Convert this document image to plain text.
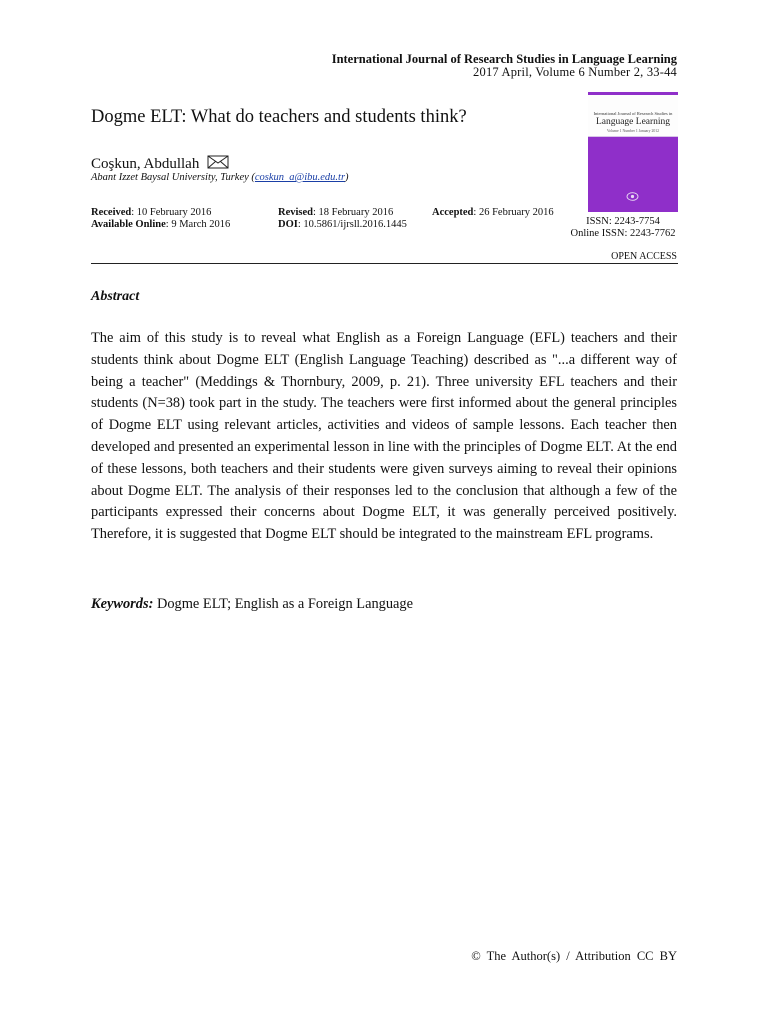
International Journal of Research Studies in Language Learning
2017 April, Volume 6 Number 2, 33-44
Dogme ELT: What do teachers and students think?
Coşkun, Abdullah
Abant Izzet Baysal University, Turkey (coskun_a@ibu.edu.tr)
Received: 10 February 2016	Revised: 18 February 2016	Accepted: 26 February 2016
Available Online: 9 March 2016	DOI: 10.5861/ijrsll.2016.1445
International Journal of Research Studies in
Language Learning
Volume 1 Number 1 January 2012
ISSN: 2243-7754
Online ISSN: 2243-7762
OPEN ACCESS
Abstract
The aim of this study is to reveal what English as a Foreign Language (EFL) teachers and their students think about Dogme ELT (English Language Teaching) described as "...a different way of being a teacher" (Meddings & Thornbury, 2009, p. 21). Three university EFL teachers and their students (N=38) took part in the study. The teachers were first informed about the general principles of Dogme ELT using relevant articles, activities and videos of sample lessons. Each teacher then developed and presented an experimental lesson in line with the principles of Dogme ELT. At the end of these lessons, both teachers and their students were given surveys aiming to reveal their opinions about Dogme ELT. The analysis of their responses led to the conclusion that although a few of the participants expressed their concerns about Dogme ELT, it was generally perceived positively. Therefore, it is suggested that Dogme ELT should be integrated to the mainstream EFL programs.
Keywords: Dogme ELT; English as a Foreign Language
© The Author(s) / Attribution CC BY
